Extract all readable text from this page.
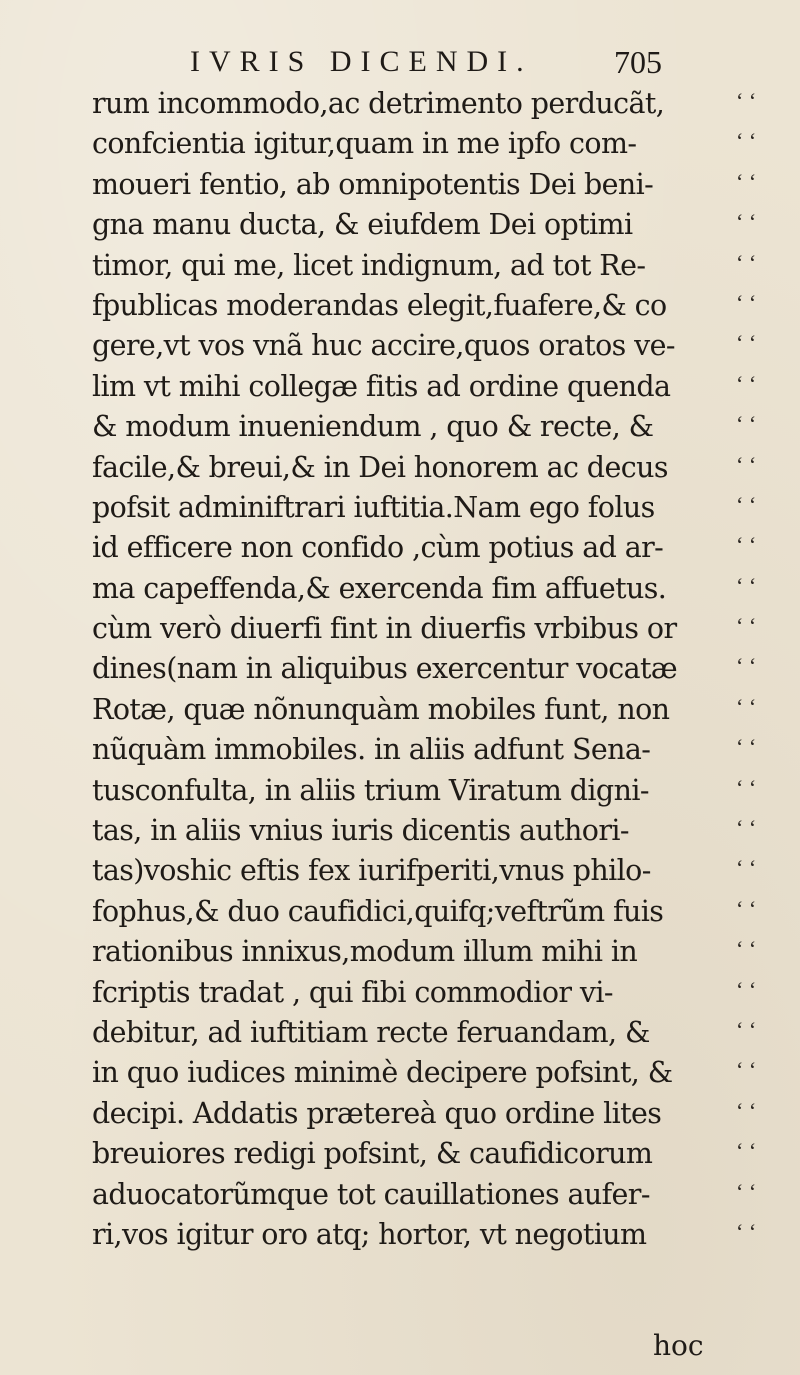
IVRIS DICENDI.	705
rum incommodo,ac detrimento perducãt,	‘ ‘
confcientia igitur,quam in me ipfo com-	‘ ‘
moueri fentio, ab omnipotentis Dei beni-	‘ ‘
gna manu ducta, & eiufdem Dei optimi	‘ ‘
timor, qui me, licet indignum, ad tot Re-	‘ ‘
fpublicas moderandas elegit,fuafere,& co	‘ ‘
gere,vt vos vnã huc accire,quos oratos ve-	‘ ‘
lim vt mihi collegæ fitis ad ordine quenda	‘ ‘
& modum inueniendum , quo & recte, &	‘ ‘
facile,& breui,& in Dei honorem ac decus	‘ ‘
pofsit adminiftrari iuftitia.Nam ego folus	‘ ‘
id efficere non confido ,cùm potius ad ar-	‘ ‘
ma capeffenda,& exercenda fim affuetus.	‘ ‘
cùm verò diuerfi fint in diuerfis vrbibus or	‘ ‘
dines(nam in aliquibus exercentur vocatæ	‘ ‘
Rotæ, quæ nõnunquàm mobiles funt, non	‘ ‘
nũquàm immobiles. in aliis adfunt Sena-	‘ ‘
tusconfulta, in aliis trium Viratum digni-	‘ ‘
tas, in aliis vnius iuris dicentis authori-	‘ ‘
tas)voshic eftis fex iurifperiti,vnus philo-	‘ ‘
fophus,& duo caufidici,quifq;veftrũm fuis	‘ ‘
rationibus innixus,modum illum mihi in	‘ ‘
fcriptis tradat , qui fibi commodior vi-	‘ ‘
debitur, ad iuftitiam recte feruandam, &	‘ ‘
in quo iudices minimè decipere pofsint, &	‘ ‘
decipi. Addatis prætereà quo ordine lites	‘ ‘
breuiores redigi pofsint, & caufidicorum	‘ ‘
aduocatorũmque tot cauillationes aufer-	‘ ‘
ri,vos igitur oro atq; hortor, vt negotium	‘ ‘
hoc
